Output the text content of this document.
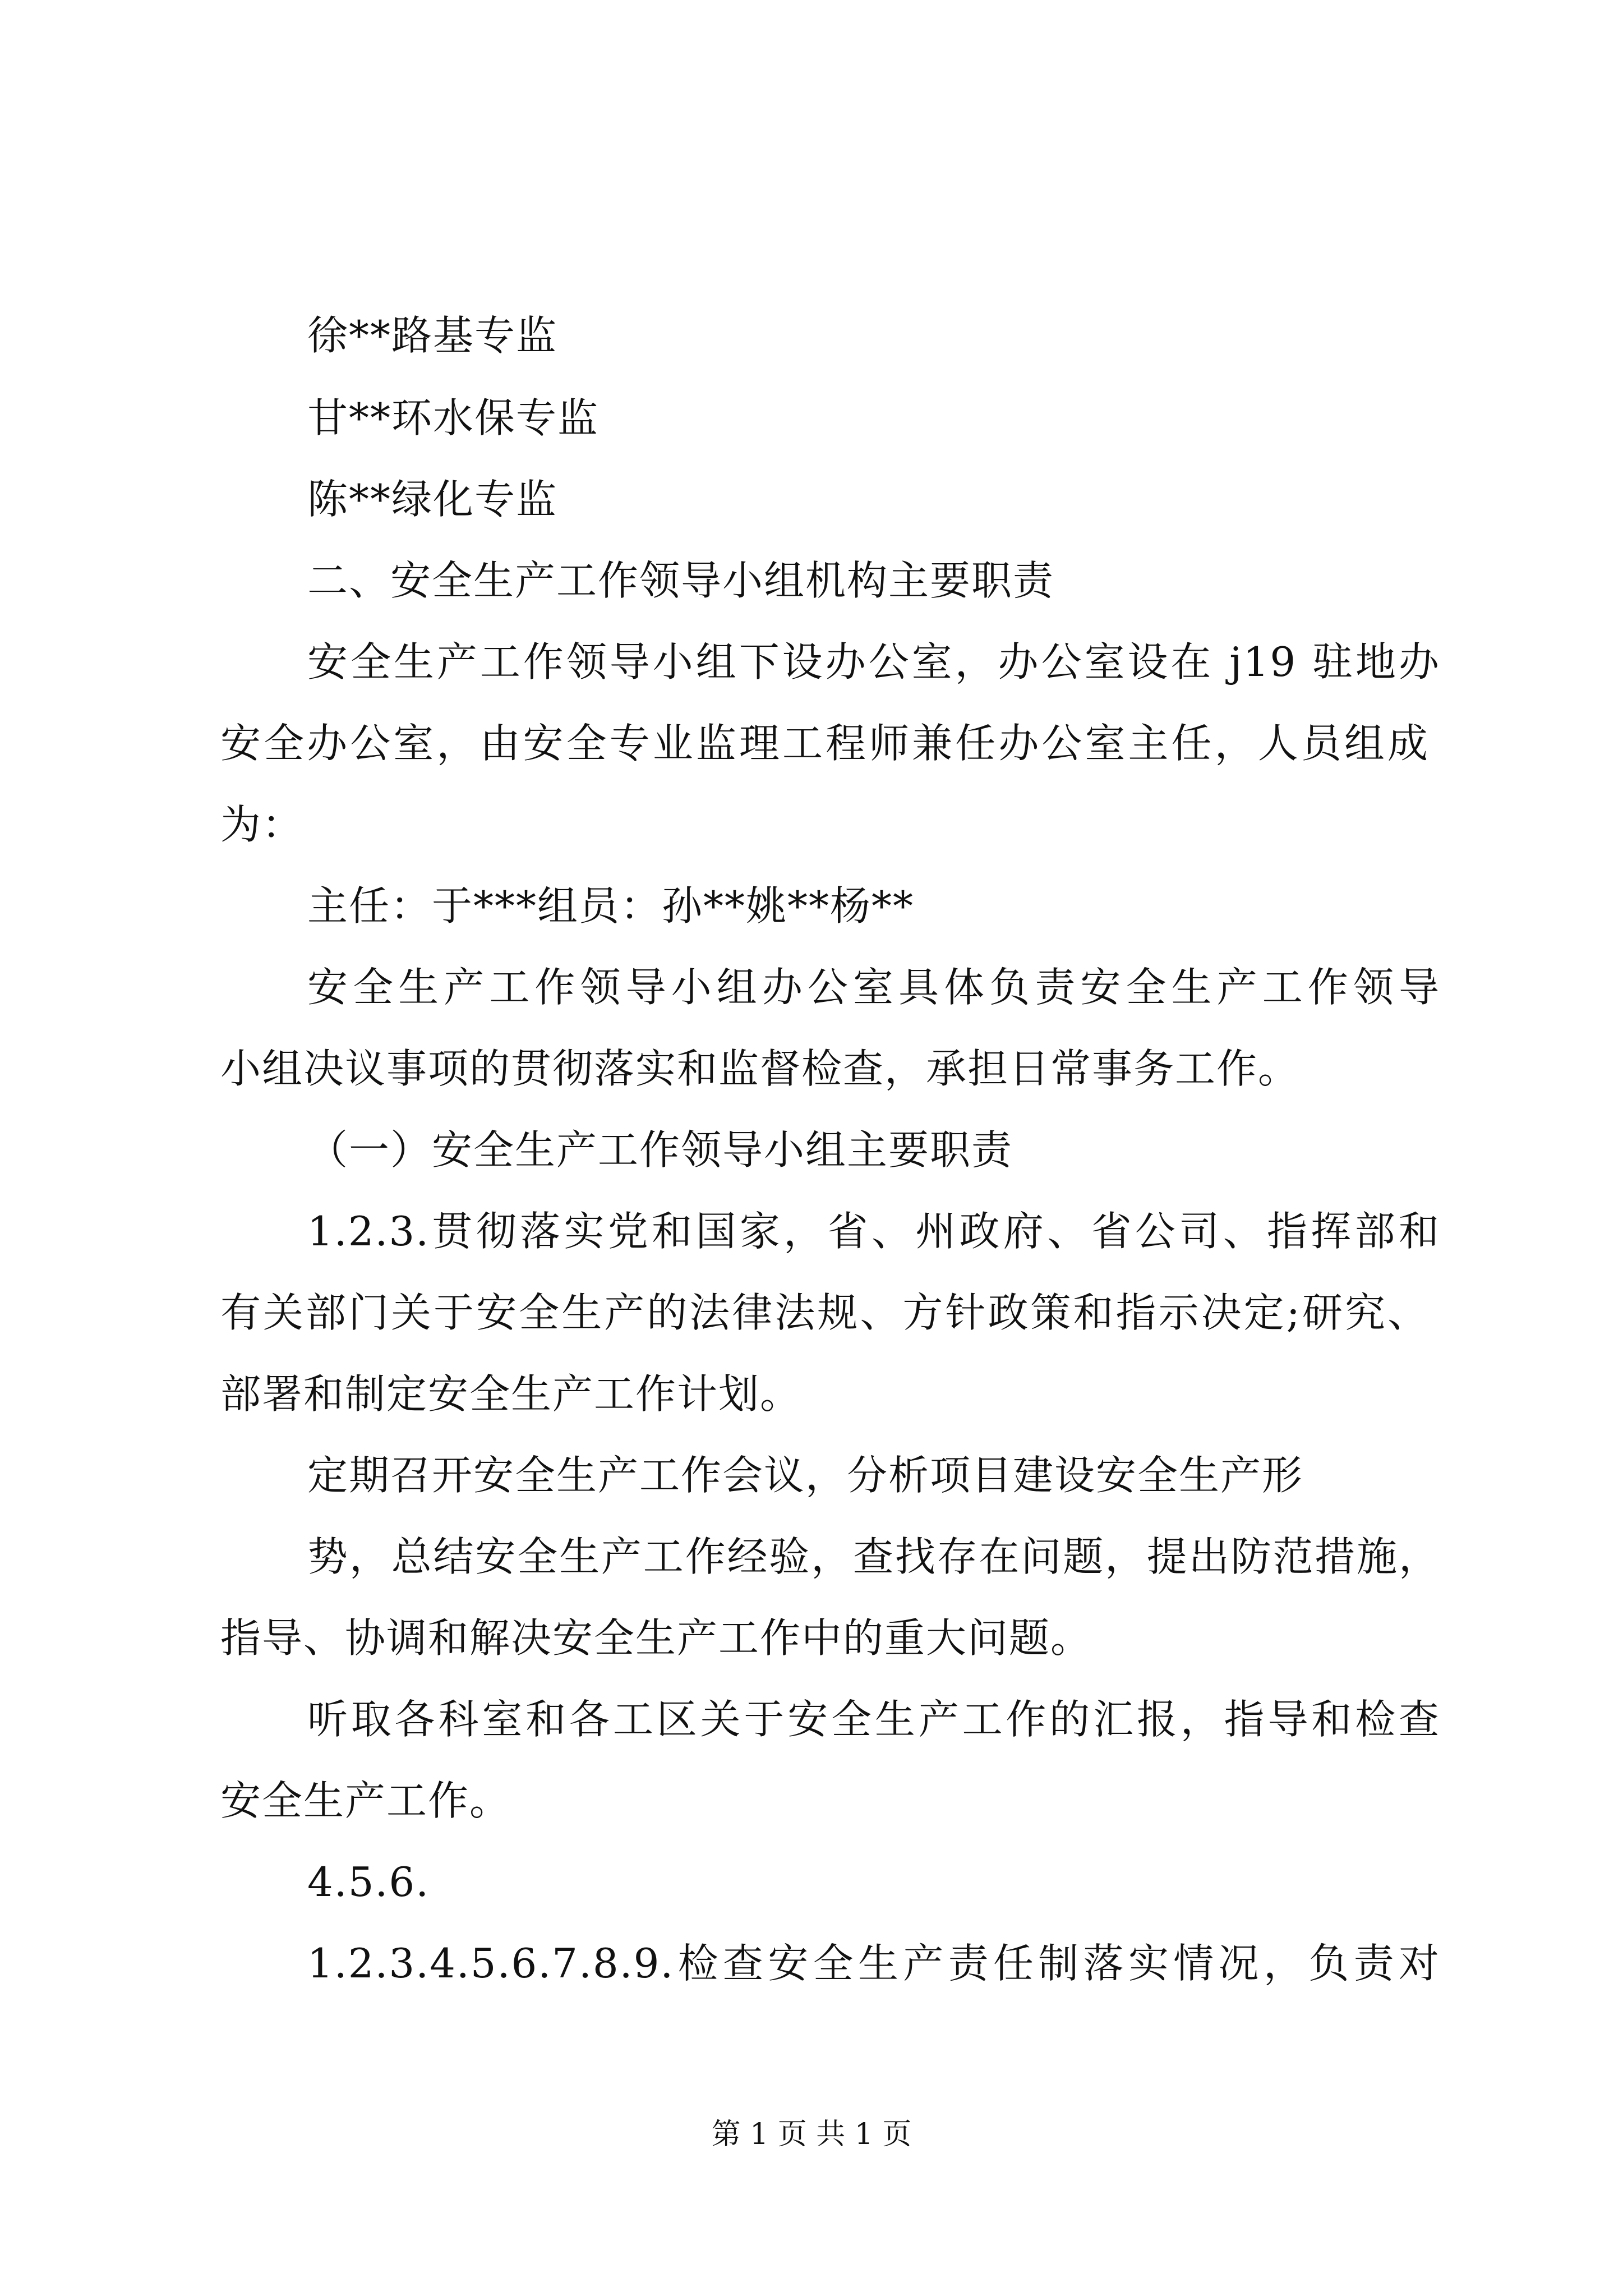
徐**路基专监
甘**环水保专监
陈**绿化专监
二、安全生产工作领导小组机构主要职责
安全生产工作领导小组下设办公室，办公室设在 j19 驻地办
安全办公室，由安全专业监理工程师兼任办公室主任，人员组成
为：
主任：于***组员：孙**姚**杨**
安全生产工作领导小组办公室具体负责安全生产工作领导
小组决议事项的贯彻落实和监督检查，承担日常事务工作。
（一）安全生产工作领导小组主要职责
1.2.3.贯彻落实党和国家，省、州政府、省公司、指挥部和
有关部门关于安全生产的法律法规、方针政策和指示决定;研究、
部署和制定安全生产工作计划。
定期召开安全生产工作会议，分析项目建设安全生产形
势，总结安全生产工作经验，查找存在问题，提出防范措施，
指导、协调和解决安全生产工作中的重大问题。
听取各科室和各工区关于安全生产工作的汇报，指导和检查
安全生产工作。
4.5.6.
1.2.3.4.5.6.7.8.9.检查安全生产责任制落实情况，负责对
第 1 页 共 1 页
